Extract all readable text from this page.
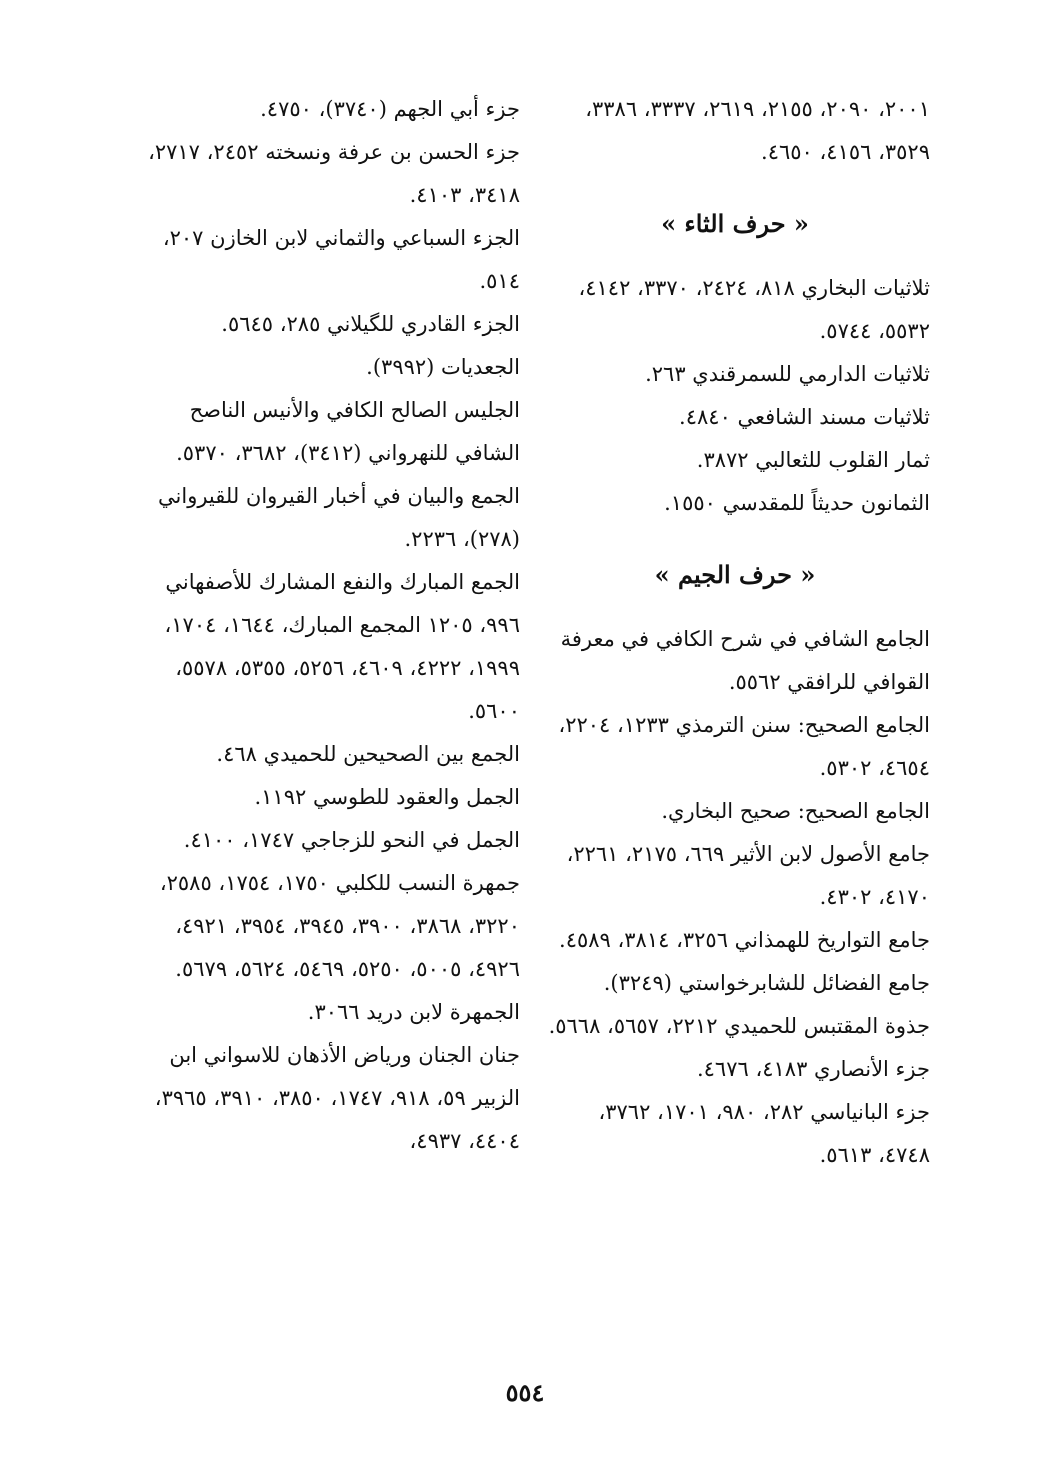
٢٠٠١، ٢٠٩٠، ٢١٥٥، ٢٦١٩، ٣٣٣٧، ٣٣٨٦، ٣٥٢٩، ٤١٥٦، ٤٦٥٠.

« حرف الثاء »

ثلاثيات البخاري ٨١٨، ٢٤٢٤، ٣٣٧٠، ٤١٤٢، ٥٥٣٢، ٥٧٤٤.

ثلاثيات الدارمي للسمرقندي ٢٦٣.

ثلاثيات مسند الشافعي ٤٨٤٠.

ثمار القلوب للثعالبي ٣٨٧٢.

الثمانون حديثاً للمقدسي ١٥٥٠.

« حرف الجيم »

الجامع الشافي في شرح الكافي في معرفة القوافي للرافقي ٥٥٦٢.

الجامع الصحيح: سنن الترمذي ١٢٣٣، ٢٢٠٤، ٤٦٥٤، ٥٣٠٢.

الجامع الصحيح: صحيح البخاري.

جامع الأصول لابن الأثير ٦٦٩، ٢١٧٥، ٢٢٦١، ٤١٧٠، ٤٣٠٢.

جامع التواريخ للهمذاني ٣٢٥٦، ٣٨١٤، ٤٥٨٩.

جامع الفضائل للشابرخواستي (٣٢٤٩).

جذوة المقتبس للحميدي ٢٢١٢، ٥٦٥٧، ٥٦٦٨.

جزء الأنصاري ٤١٨٣، ٤٦٧٦.

جزء البانياسي ٢٨٢، ٩٨٠، ١٧٠١، ٣٧٦٢، ٤٧٤٨، ٥٦١٣.

جزء أبي الجهم (٣٧٤٠)، ٤٧٥٠.

جزء الحسن بن عرفة ونسخته ٢٤٥٢، ٢٧١٧، ٣٤١٨، ٤١٠٣.

الجزء السباعي والثماني لابن الخازن ٢٠٧، ٥١٤.

الجزء القادري للگيلاني ٢٨٥، ٥٦٤٥.

الجعديات (٣٩٩٢).

الجليس الصالح الكافي والأنيس الناصح الشافي للنهرواني (٣٤١٢)، ٣٦٨٢، ٥٣٧٠.

الجمع والبيان في أخبار القيروان للقيرواني (٢٧٨)، ٢٢٣٦.

الجمع المبارك والنفع المشارك للأصفهاني ٩٩٦، ١٢٠٥ المجمع المبارك، ١٦٤٤، ١٧٠٤، ١٩٩٩، ٤٢٢٢، ٤٦٠٩، ٥٢٥٦، ٥٣٥٥، ٥٥٧٨، ٥٦٠٠.

الجمع بين الصحيحين للحميدي ٤٦٨.

الجمل والعقود للطوسي ١١٩٢.

الجمل في النحو للزجاجي ١٧٤٧، ٤١٠٠.

جمهرة النسب للكلبي ١٧٥٠، ١٧٥٤، ٢٥٨٥، ٣٢٢٠، ٣٨٦٨، ٣٩٠٠، ٣٩٤٥، ٣٩٥٤، ٤٩٢١، ٤٩٢٦، ٥٠٠٥، ٥٢٥٠، ٥٤٦٩، ٥٦٢٤، ٥٦٧٩.

الجمهرة لابن دريد ٣٠٦٦.

جنان الجنان ورياض الأذهان للاسواني ابن الزبير ٥٩، ٩١٨، ١٧٤٧، ٣٨٥٠، ٣٩١٠، ٣٩٦٥، ٤٤٠٤، ٤٩٣٧،

٥٥٤
